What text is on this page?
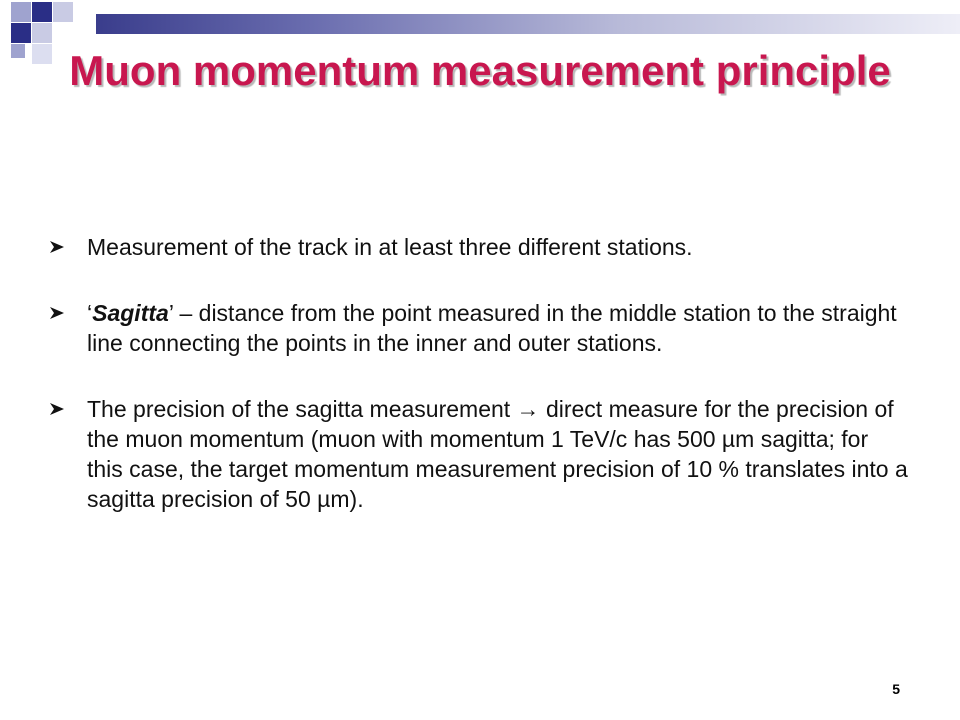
Muon momentum measurement principle
Measurement of the track in at least three different stations.
‘Sagitta’ – distance from the point measured in the middle station to the straight line connecting the points in the inner and outer stations.
The precision of the sagitta measurement → direct measure for the precision of the muon momentum (muon with momentum 1 TeV/c has 500 µm sagitta; for this case, the target momentum measurement precision of 10 % translates into a sagitta precision of 50 µm).
5
